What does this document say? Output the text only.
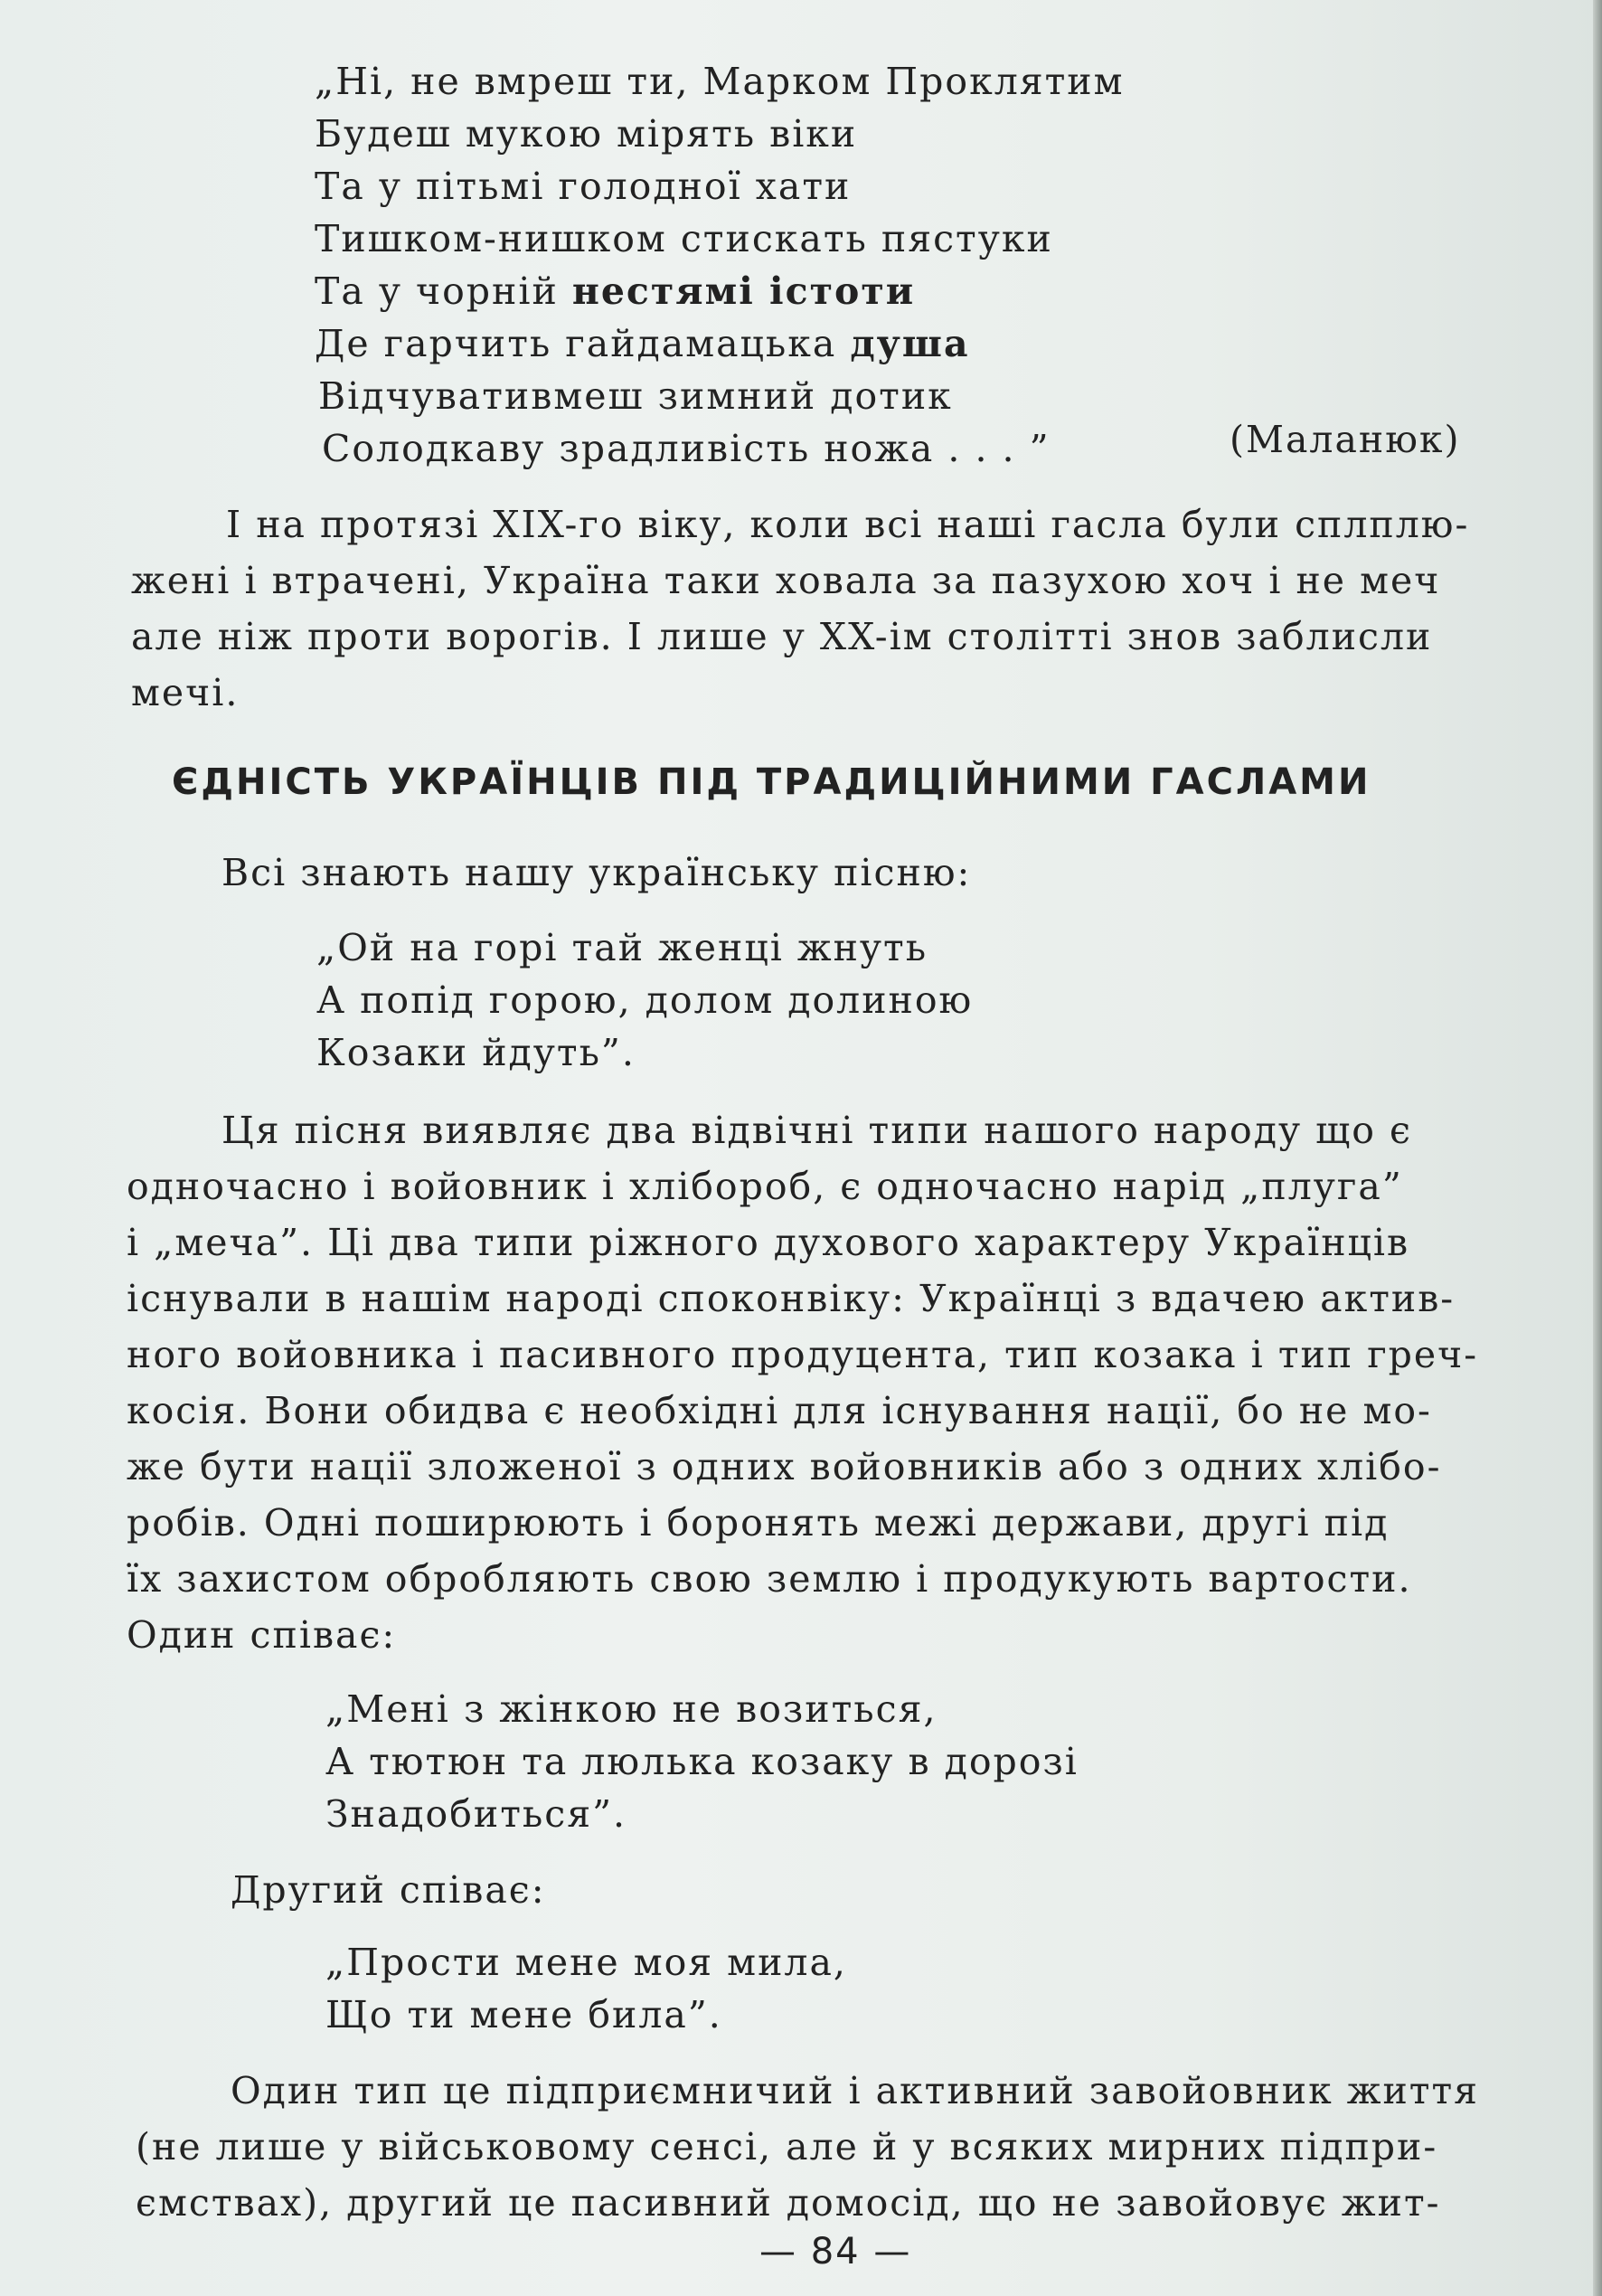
„Ні, не вмреш ти, Марком Проклятим
Будеш мукою мірять віки
Та у пітьмі голодної хати
Тишком-нишком стискать пястуки
Та у чорній нестямі істоти
Де гарчить гайдамацька душа
Відчувативмеш зимний дотик
Солодкаву зрадливість ножа . . . ”	(Маланюк)
І на протязі XIX-го віку, коли всі наші гасла були сплплю-
жені і втрачені, Україна таки ховала за пазухою хоч і не меч
але ніж проти ворогів. І лише у XX-ім столітті знов заблисли
мечі.
ЄДНІСТЬ УКРАЇНЦІВ ПІД ТРАДИЦІЙНИМИ ГАСЛАМИ
Всі знають нашу українську пісню:
„Ой на горі тай женці жнуть
А попід горою, долом долиною
Козаки йдуть”.
Ця пісня виявляє два відвічні типи нашого народу що є
одночасно і войовник і хлібороб, є одночасно нарід „плуга”
і „меча”. Ці два типи ріжного духового характеру Українців
існували в нашім народі споконвіку: Українці з вдачею актив-
ного войовника і пасивного продуцента, тип козака і тип греч-
косія. Вони обидва є необхідні для існування нації, бо не мо-
же бути нації зложеної з одних войовників або з одних хлібо-
робів. Одні поширюють і боронять межі держави, другі під
їх захистом обробляють свою землю і продукують вартости.
Один співає:
„Мені з жінкою не возиться,
А тютюн та люлька козаку в дорозі
Знадобиться”.
Другий співає:
„Прости мене моя мила,
Що ти мене била”.
Один тип це підприємничий і активний завойовник життя
(не лише у військовому сенсі, але й у всяких мирних підпри-
ємствах), другий це пасивний домосід, що не завойовує жит-
— 84 —
